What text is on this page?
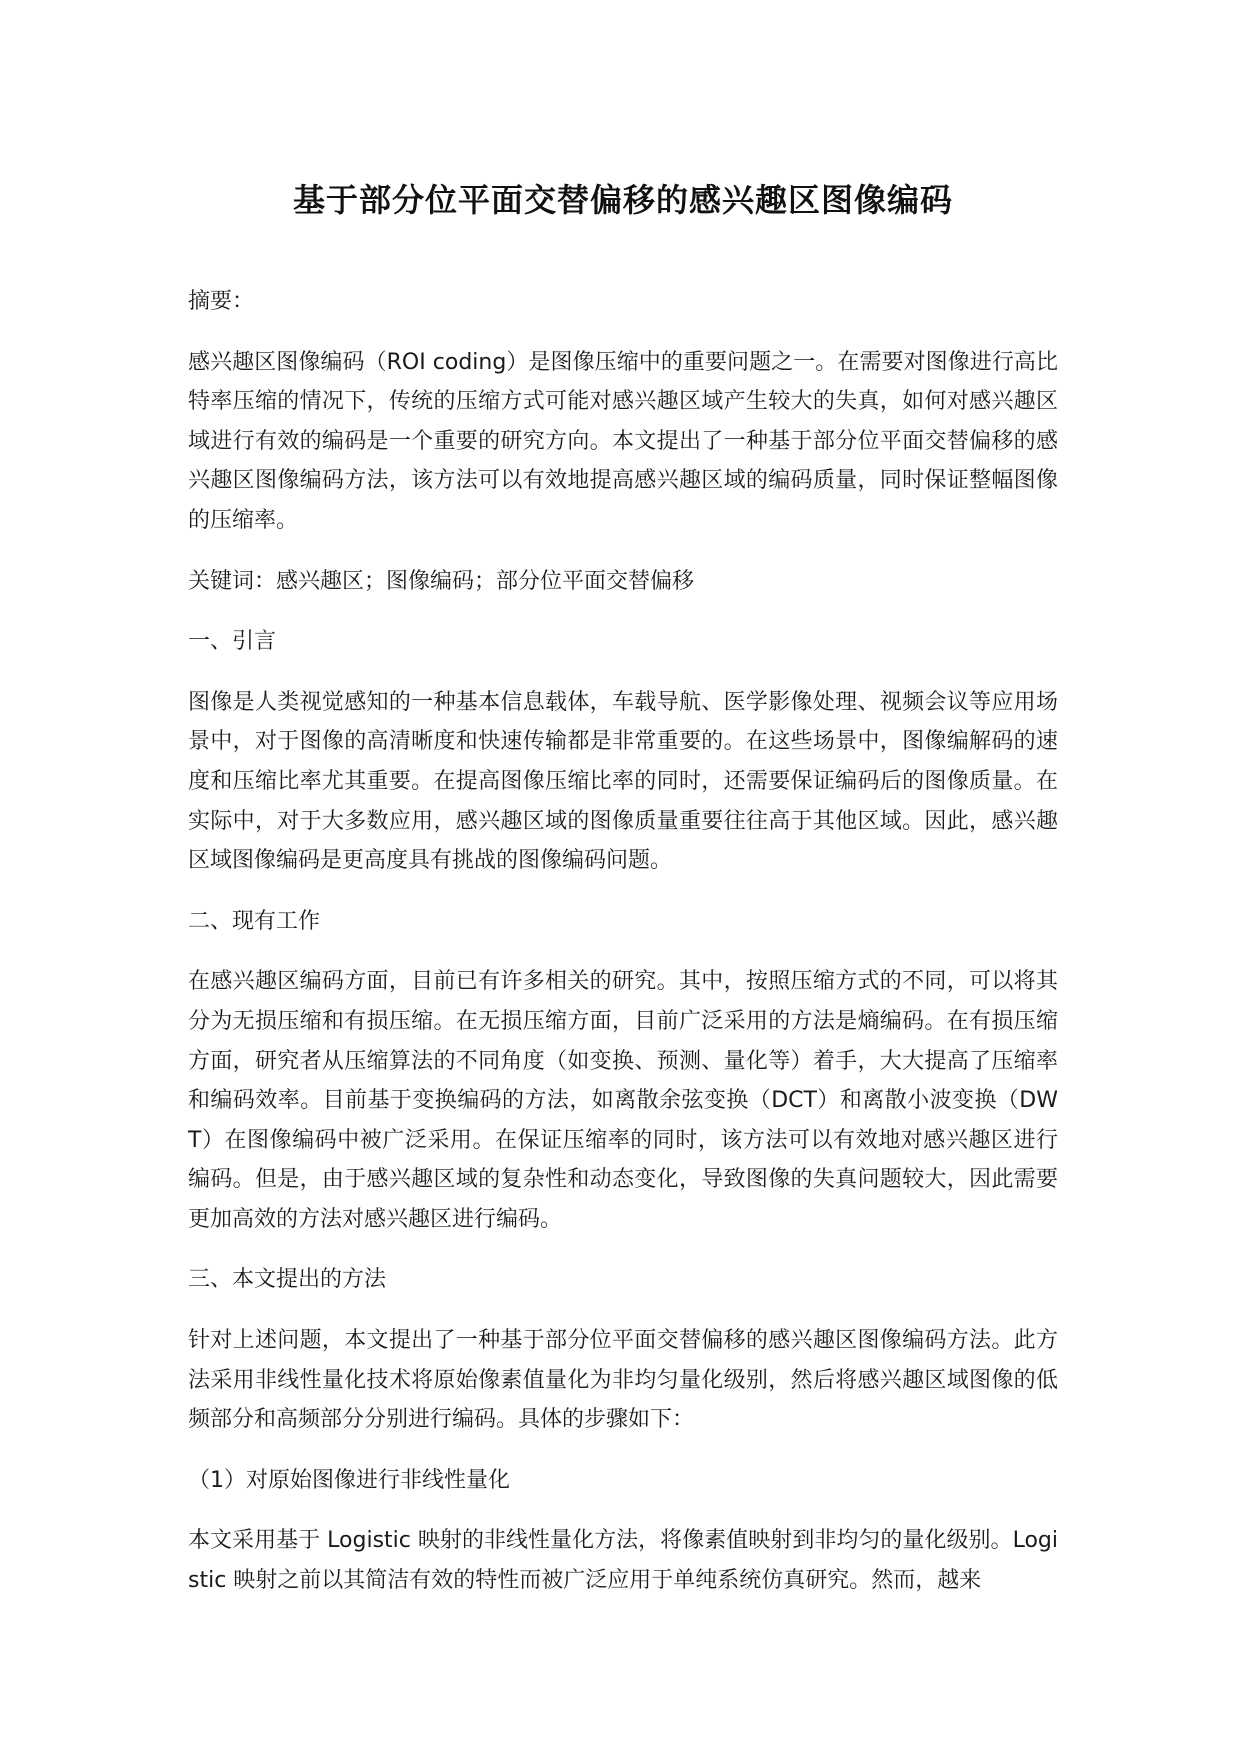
基于部分位平面交替偏移的感兴趣区图像编码
摘要：
感兴趣区图像编码（ROI coding）是图像压缩中的重要问题之一。在需要对图像进行高比特率压缩的情况下，传统的压缩方式可能对感兴趣区域产生较大的失真，如何对感兴趣区域进行有效的编码是一个重要的研究方向。本文提出了一种基于部分位平面交替偏移的感兴趣区图像编码方法，该方法可以有效地提高感兴趣区域的编码质量，同时保证整幅图像的压缩率。
关键词：感兴趣区；图像编码；部分位平面交替偏移
一、引言
图像是人类视觉感知的一种基本信息载体，车载导航、医学影像处理、视频会议等应用场景中，对于图像的高清晰度和快速传输都是非常重要的。在这些场景中，图像编解码的速度和压缩比率尤其重要。在提高图像压缩比率的同时，还需要保证编码后的图像质量。在实际中，对于大多数应用，感兴趣区域的图像质量重要往往高于其他区域。因此，感兴趣区域图像编码是更高度具有挑战的图像编码问题。
二、现有工作
在感兴趣区编码方面，目前已有许多相关的研究。其中，按照压缩方式的不同，可以将其分为无损压缩和有损压缩。在无损压缩方面，目前广泛采用的方法是熵编码。在有损压缩方面，研究者从压缩算法的不同角度（如变换、预测、量化等）着手，大大提高了压缩率和编码效率。目前基于变换编码的方法，如离散余弦变换（DCT）和离散小波变换（DWT）在图像编码中被广泛采用。在保证压缩率的同时，该方法可以有效地对感兴趣区进行编码。但是，由于感兴趣区域的复杂性和动态变化，导致图像的失真问题较大，因此需要更加高效的方法对感兴趣区进行编码。
三、本文提出的方法
针对上述问题，本文提出了一种基于部分位平面交替偏移的感兴趣区图像编码方法。此方法采用非线性量化技术将原始像素值量化为非均匀量化级别，然后将感兴趣区域图像的低频部分和高频部分分别进行编码。具体的步骤如下：
（1）对原始图像进行非线性量化
本文采用基于 Logistic 映射的非线性量化方法，将像素值映射到非均匀的量化级别。Logistic 映射之前以其简洁有效的特性而被广泛应用于单纯系统仿真研究。然而，越来
